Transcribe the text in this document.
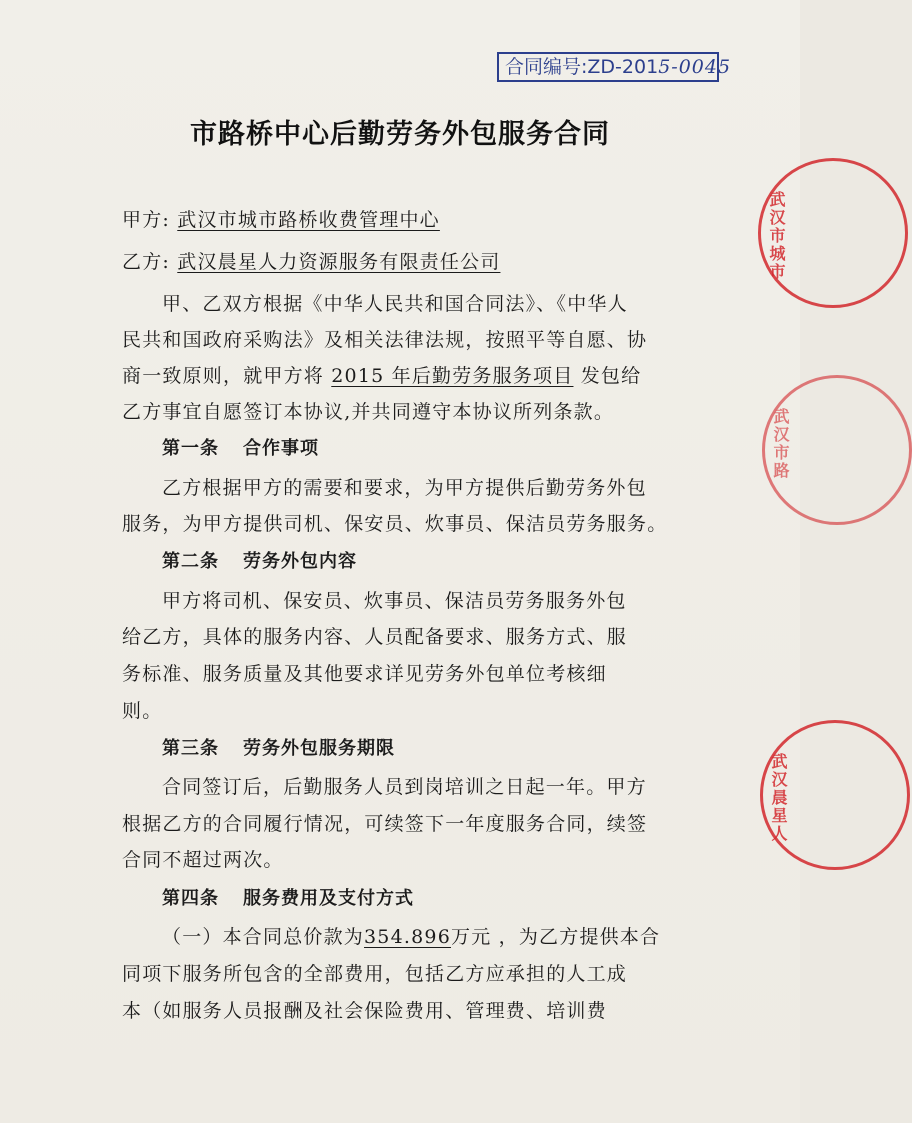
合同编号:ZD-2015-0045
市路桥中心后勤劳务外包服务合同
甲方: 武汉市城市路桥收费管理中心
乙方: 武汉晨星人力资源服务有限责任公司
甲、乙双方根据《中华人民共和国合同法》、《中华人
民共和国政府采购法》及相关法律法规，按照平等自愿、协
商一致原则，就甲方将 2015 年后勤劳务服务项目 发包给
乙方事宜自愿签订本协议,并共同遵守本协议所列条款。
第一条 合作事项
乙方根据甲方的需要和要求，为甲方提供后勤劳务外包
服务，为甲方提供司机、保安员、炊事员、保洁员劳务服务。
第二条 劳务外包内容
甲方将司机、保安员、炊事员、保洁员劳务服务外包
给乙方，具体的服务内容、人员配备要求、服务方式、服
务标准、服务质量及其他要求详见劳务外包单位考核细
则。
第三条 劳务外包服务期限
合同签订后，后勤服务人员到岗培训之日起一年。甲方
根据乙方的合同履行情况，可续签下一年度服务合同，续签
合同不超过两次。
第四条 服务费用及支付方式
（一）本合同总价款为354.896万元 ，为乙方提供本合
同项下服务所包含的全部费用，包括乙方应承担的人工成
本（如服务人员报酬及社会保险费用、管理费、培训费
武汉市城市
武汉市路
武汉晨星人
